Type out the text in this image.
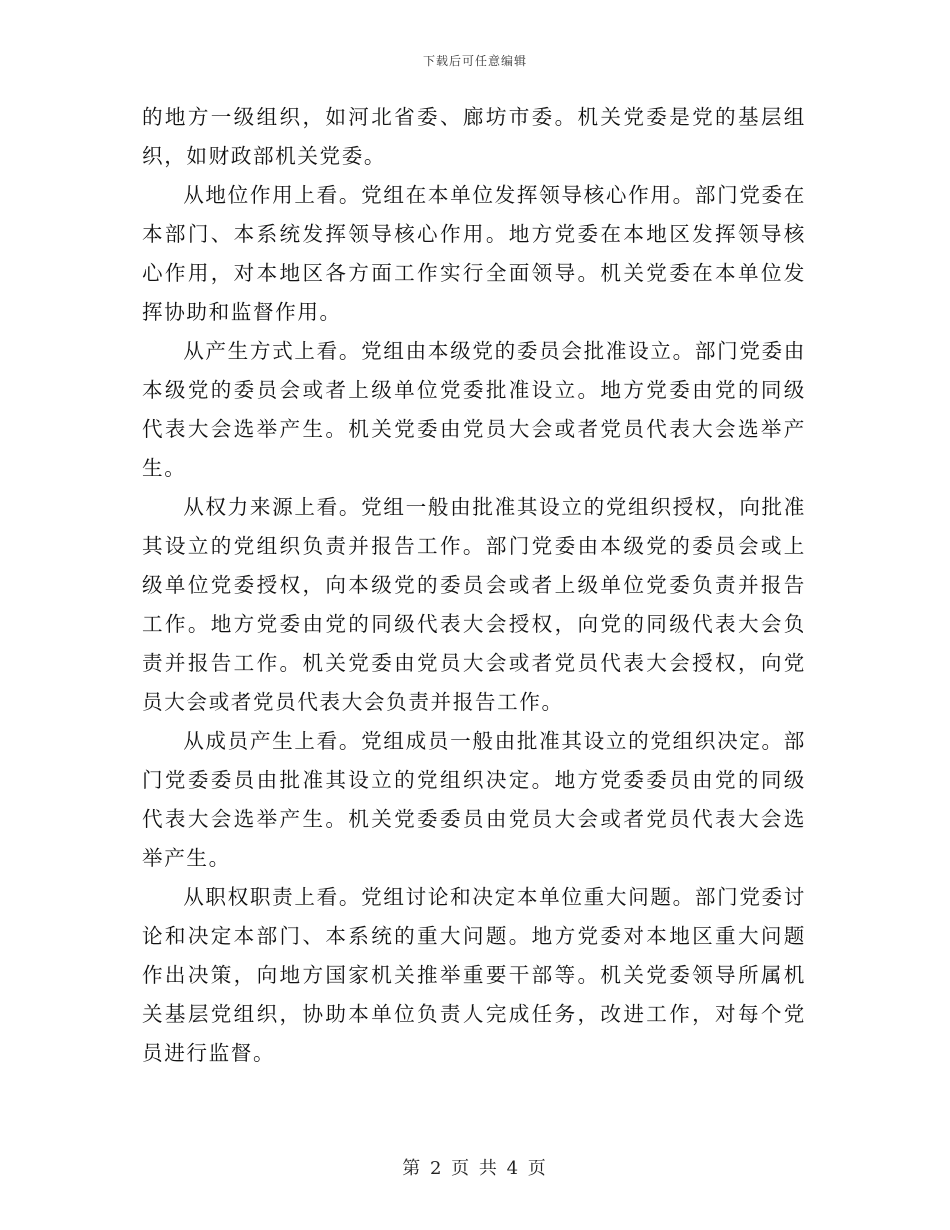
下载后可任意编辑

的地方一级组织，如河北省委、廊坊市委。机关党委是党的基层组织，如财政部机关党委。

从地位作用上看。党组在本单位发挥领导核心作用。部门党委在本部门、本系统发挥领导核心作用。地方党委在本地区发挥领导核心作用，对本地区各方面工作实行全面领导。机关党委在本单位发挥协助和监督作用。

从产生方式上看。党组由本级党的委员会批准设立。部门党委由本级党的委员会或者上级单位党委批准设立。地方党委由党的同级代表大会选举产生。机关党委由党员大会或者党员代表大会选举产生。

从权力来源上看。党组一般由批准其设立的党组织授权，向批准其设立的党组织负责并报告工作。部门党委由本级党的委员会或上级单位党委授权，向本级党的委员会或者上级单位党委负责并报告工作。地方党委由党的同级代表大会授权，向党的同级代表大会负责并报告工作。机关党委由党员大会或者党员代表大会授权，向党员大会或者党员代表大会负责并报告工作。

从成员产生上看。党组成员一般由批准其设立的党组织决定。部门党委委员由批准其设立的党组织决定。地方党委委员由党的同级代表大会选举产生。机关党委委员由党员大会或者党员代表大会选举产生。

从职权职责上看。党组讨论和决定本单位重大问题。部门党委讨论和决定本部门、本系统的重大问题。地方党委对本地区重大问题作出决策，向地方国家机关推举重要干部等。机关党委领导所属机关基层党组织，协助本单位负责人完成任务，改进工作，对每个党员进行监督。

第 2 页 共 4 页
